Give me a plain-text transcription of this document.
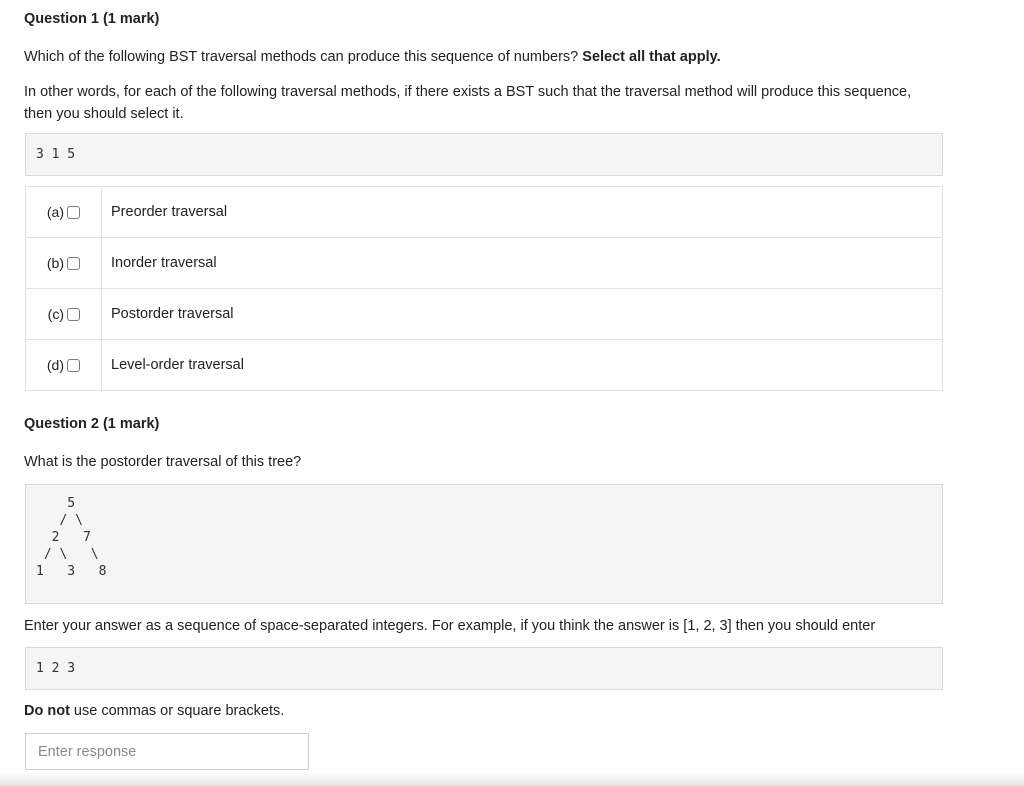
Question 1 (1 mark)
Which of the following BST traversal methods can produce this sequence of numbers? Select all that apply.
In other words, for each of the following traversal methods, if there exists a BST such that the traversal method will produce this sequence, then you should select it.
3 1 5
(a)	Preorder traversal
(b)	Inorder traversal
(c)	Postorder traversal
(d)	Level-order traversal
Question 2 (1 mark)
What is the postorder traversal of this tree?
5
/ \
2   7
/ \   \
1   3   8
Enter your answer as a sequence of space-separated integers. For example, if you think the answer is [1, 2, 3] then you should enter
1 2 3
Do not use commas or square brackets.
Enter response
